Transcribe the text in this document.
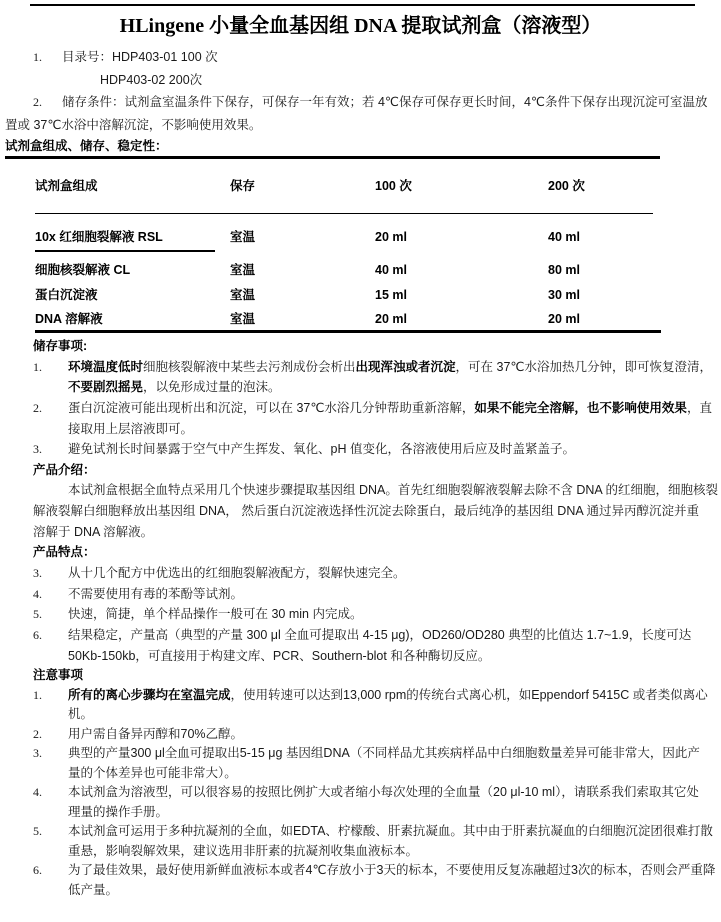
HLingene 小量全血基因组 DNA 提取试剂盒（溶液型）
1. 目录号：HDP403-01 100 次
HDP403-02 200次
2. 储存条件：试剂盒室温条件下保存，可保存一年有效；若 4℃保存可保存更长时间，4℃条件下保存出现沉淀可室温放
置或 37℃水浴中溶解沉淀，不影响使用效果。
试剂盒组成、储存、稳定性：
试剂盒组成	保存	100 次	200 次
10x 红细胞裂解液 RSL	室温	20 ml	40 ml
细胞核裂解液 CL	室温	40 ml	80 ml
蛋白沉淀液	室温	15 ml	30 ml
DNA 溶解液	室温	20 ml	20 ml
储存事项:
1. 环境温度低时细胞核裂解液中某些去污剂成份会析出出现浑浊或者沉淀，可在 37℃水浴加热几分钟，即可恢复澄清，
不要剧烈摇晃，以免形成过量的泡沫。
2. 蛋白沉淀液可能出现析出和沉淀，可以在 37℃水浴几分钟帮助重新溶解，如果不能完全溶解，也不影响使用效果，直
接取用上层溶液即可。
3. 避免试剂长时间暴露于空气中产生挥发、氧化、pH 值变化，各溶液使用后应及时盖紧盖子。
产品介绍：
本试剂盒根据全血特点采用几个快速步骤提取基因组 DNA。首先红细胞裂解液裂解去除不含 DNA 的红细胞，细胞核裂
解液裂解白细胞释放出基因组 DNA， 然后蛋白沉淀液选择性沉淀去除蛋白，最后纯净的基因组 DNA 通过异丙醇沉淀并重
溶解于 DNA 溶解液。
产品特点：
3. 从十几个配方中优选出的红细胞裂解液配方，裂解快速完全。
4. 不需要使用有毒的苯酚等试剂。
5. 快速，简捷，单个样品操作一般可在 30 min 内完成。
6. 结果稳定，产量高（典型的产量 300 μl 全血可提取出 4-15 μg)，OD260/OD280 典型的比值达 1.7~1.9，长度可达
50Kb-150kb，可直接用于构建文库、PCR、Southern-blot 和各种酶切反应。
注意事项
1. 所有的离心步骤均在室温完成，使用转速可以达到13,000 rpm的传统台式离心机，如Eppendorf 5415C 或者类似离心
机。
2. 用户需自备异丙醇和70%乙醇。
3. 典型的产量300 μl全血可提取出5-15 μg 基因组DNA（不同样品尤其疾病样品中白细胞数量差异可能非常大，因此产
量的个体差异也可能非常大）。
4. 本试剂盒为溶液型，可以很容易的按照比例扩大或者缩小每次处理的全血量（20 μl-10 ml），请联系我们索取其它处
理量的操作手册。
5. 本试剂盒可运用于多种抗凝剂的全血，如EDTA、柠檬酸、肝素抗凝血。其中由于肝素抗凝血的白细胞沉淀团很难打散
重悬，影响裂解效果，建议选用非肝素的抗凝剂收集血液标本。
6. 为了最佳效果，最好使用新鲜血液标本或者4℃存放小于3天的标本，不要使用反复冻融超过3次的标本，否则会严重降
低产量。
